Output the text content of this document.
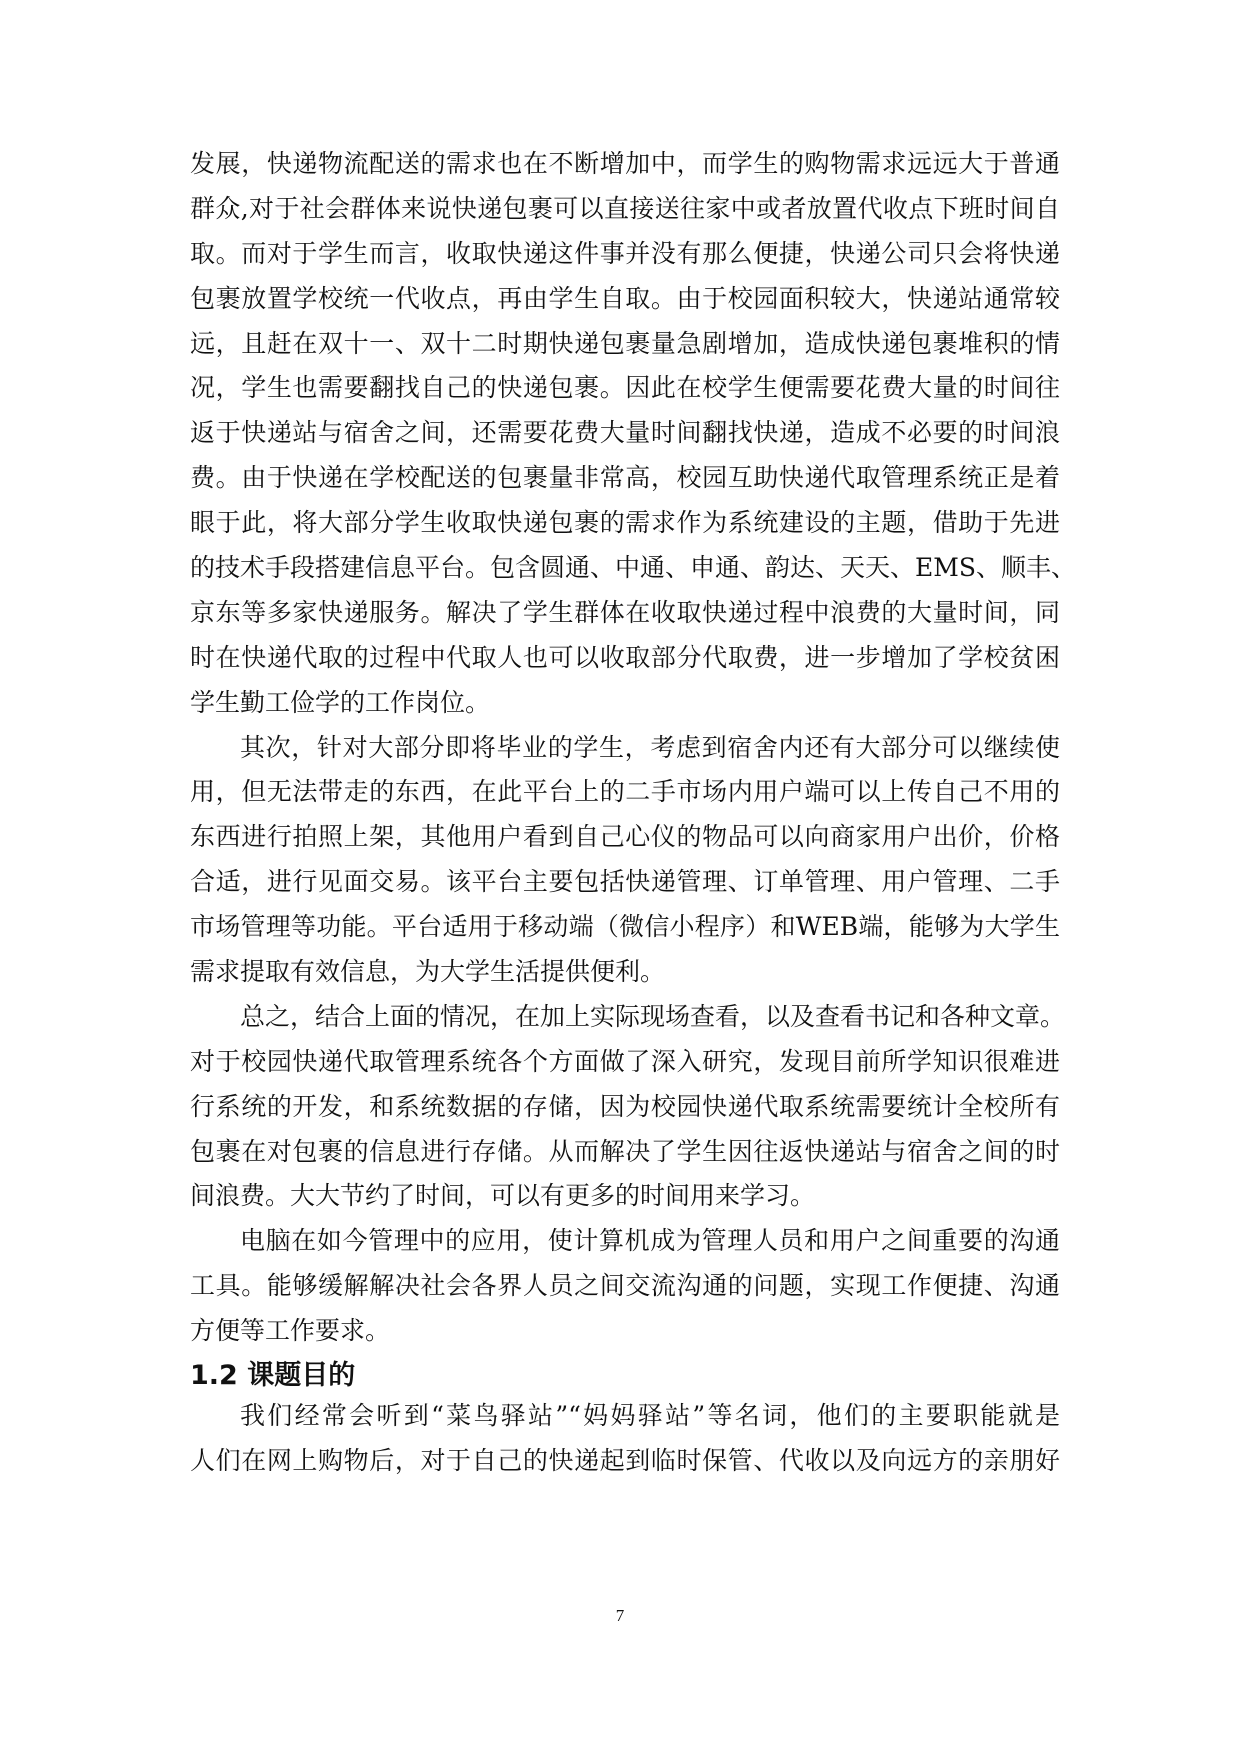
发展，快递物流配送的需求也在不断增加中，而学生的购物需求远远大于普通
群众,对于社会群体来说快递包裹可以直接送往家中或者放置代收点下班时间自
取。而对于学生而言，收取快递这件事并没有那么便捷，快递公司只会将快递
包裹放置学校统一代收点，再由学生自取。由于校园面积较大，快递站通常较
远，且赶在双十一、双十二时期快递包裹量急剧增加，造成快递包裹堆积的情
况，学生也需要翻找自己的快递包裹。因此在校学生便需要花费大量的时间往
返于快递站与宿舍之间，还需要花费大量时间翻找快递，造成不必要的时间浪
费。由于快递在学校配送的包裹量非常高，校园互助快递代取管理系统正是着
眼于此，将大部分学生收取快递包裹的需求作为系统建设的主题，借助于先进
的技术手段搭建信息平台。包含圆通、中通、申通、韵达、天天、EMS、顺丰、
京东等多家快递服务。解决了学生群体在收取快递过程中浪费的大量时间，同
时在快递代取的过程中代取人也可以收取部分代取费，进一步增加了学校贫困
学生勤工俭学的工作岗位。
其次，针对大部分即将毕业的学生，考虑到宿舍内还有大部分可以继续使
用，但无法带走的东西，在此平台上的二手市场内用户端可以上传自己不用的
东西进行拍照上架，其他用户看到自己心仪的物品可以向商家用户出价，价格
合适，进行见面交易。该平台主要包括快递管理、订单管理、用户管理、二手
市场管理等功能。平台适用于移动端（微信小程序）和WEB端，能够为大学生
需求提取有效信息，为大学生活提供便利。
总之，结合上面的情况，在加上实际现场查看，以及查看书记和各种文章。
对于校园快递代取管理系统各个方面做了深入研究，发现目前所学知识很难进
行系统的开发，和系统数据的存储，因为校园快递代取系统需要统计全校所有
包裹在对包裹的信息进行存储。从而解决了学生因往返快递站与宿舍之间的时
间浪费。大大节约了时间，可以有更多的时间用来学习。
电脑在如今管理中的应用，使计算机成为管理人员和用户之间重要的沟通
工具。能够缓解解决社会各界人员之间交流沟通的问题，实现工作便捷、沟通
方便等工作要求。
1.2 课题目的
我们经常会听到“菜鸟驿站”“妈妈驿站”等名词，他们的主要职能就是
人们在网上购物后，对于自己的快递起到临时保管、代收以及向远方的亲朋好
7
